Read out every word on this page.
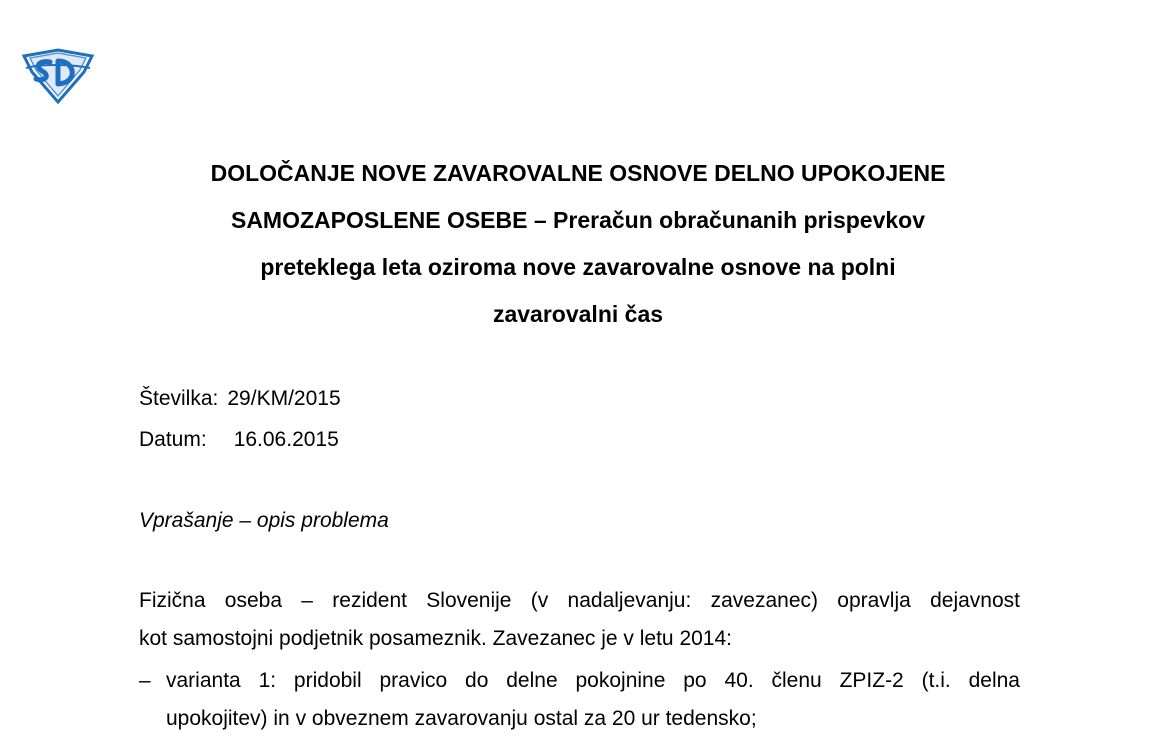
DOLOČANJE NOVE ZAVAROVALNE OSNOVE DELNO UPOKOJENE
SAMOZAPOSLENE OSEBE – Preračun obračunanih prispevkov
preteklega leta oziroma nove zavarovalne osnove na polni
zavarovalni čas
Številka: 29/KM/2015
Datum: 16.06.2015
Vprašanje – opis problema
Fizična oseba – rezident Slovenije (v nadaljevanju: zavezanec) opravlja dejavnost
kot samostojni podjetnik posameznik. Zavezanec je v letu 2014:
– varianta 1: pridobil pravico do delne pokojnine po 40. členu ZPIZ-2 (t.i. delna
upokojitev) in v obveznem zavarovanju ostal za 20 ur tedensko;
